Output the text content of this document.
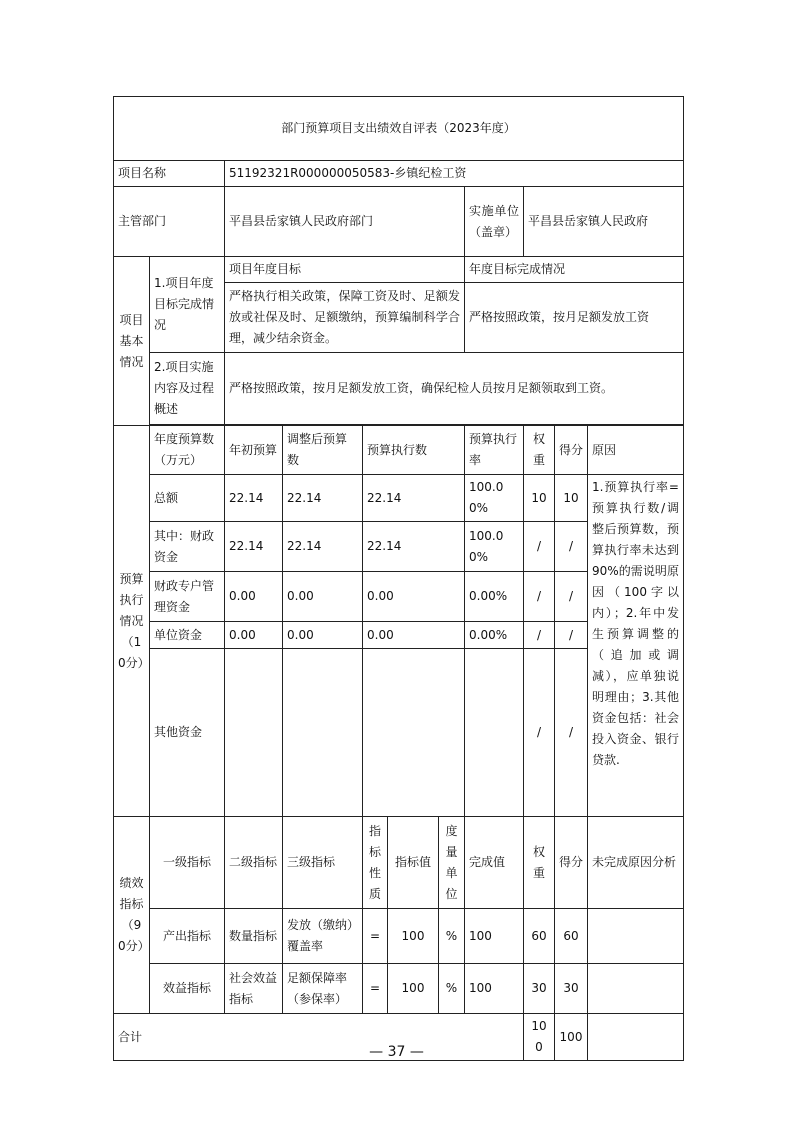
部门预算项目支出绩效自评表（2023年度）										
项目名称		51192321R000000050583-乡镇纪检工资								
主管部门		平昌县岳家镇人民政府部门					实施单位（盖章）	平昌县岳家镇人民政府		
项目基本情况	1.项目年度目标完成情况	项目年度目标					年度目标完成情况			
		严格执行相关政策，保障工资及时、足额发放或社保及时、足额缴纳，预算编制科学合理，减少结余资金。					严格按照政策，按月足额发放工资			
	2.项目实施内容及过程概述	严格按照政策，按月足额发放工资，确保纪检人员按月足额领取到工资。								

预算执行情况（10分）	年度预算数（万元）	年初预算	调整后预算数	预算执行数			预算执行率	权重	得分	原因
	总额	22.14	22.14	22.14			100.00%	10	10	1.预算执行率=预算执行数/调整后预算数，预算执行率未达到90%的需说明原因（100字以内）；2.年中发生预算调整的（追加或调减），应单独说明理由；3.其他资金包括：社会投入资金、银行贷款.
	其中：财政资金	22.14	22.14	22.14			100.00%	/	/	
	财政专户管理资金	0.00	0.00	0.00			0.00%	/	/	
	单位资金	0.00	0.00	0.00			0.00%	/	/	
	其他资金							/	/	
绩效指标（90分）	一级指标	二级指标	三级指标	指标性质	指标值	度量单位	完成值	权重	得分	未完成原因分析
	产出指标	数量指标	发放（缴纳）覆盖率	=	100	%	100	60	60	
	效益指标	社会效益指标	足额保障率（参保率）	=	100	%	100	30	30	
合计								100	100	
— 37 —
